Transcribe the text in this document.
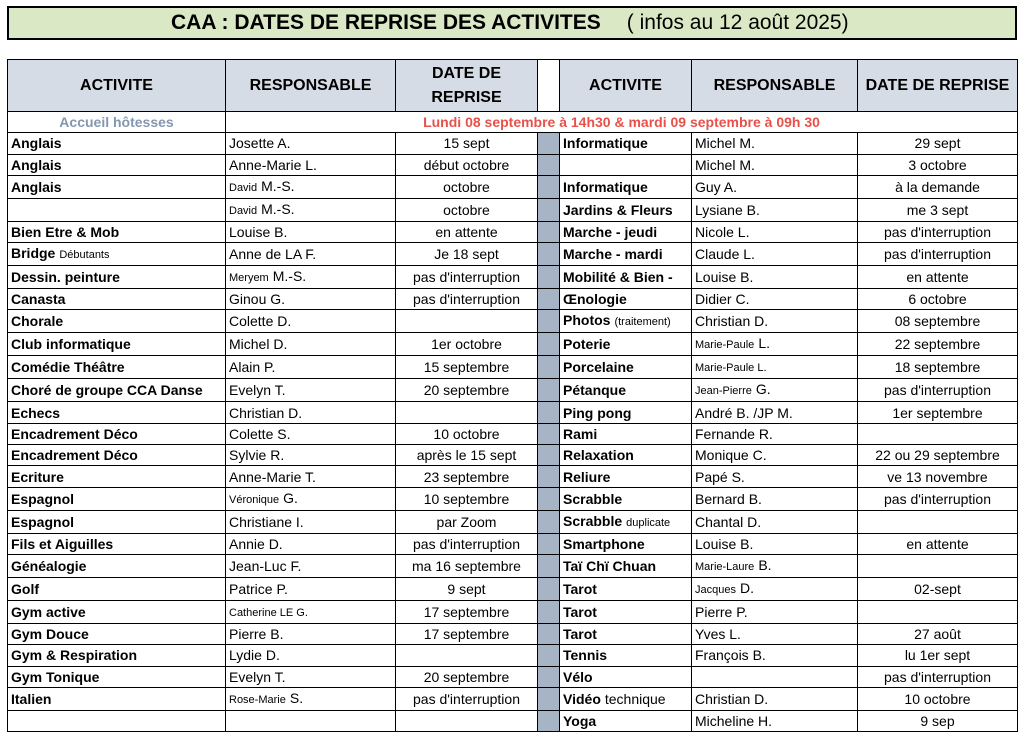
CAA : DATES DE REPRISE DES ACTIVITES ( infos au 12 août 2025)
ACTIVITE	RESPONSABLE	DATE DE REPRISE		ACTIVITE	RESPONSABLE	DATE DE REPRISE
Accueil hôtesses	Lundi 08 septembre à 14h30 & mardi 09 septembre à 09h 30					
Anglais	Josette A.	15 sept		Informatique	Michel M.	29 sept
Anglais	Anne-Marie L.	début octobre			Michel M.	3 octobre
Anglais	David M.-S.	octobre		Informatique	Guy A.	à la demande
	David M.-S.	octobre		Jardins & Fleurs	Lysiane B.	me 3 sept
Bien Etre & Mob	Louise B.	en attente		Marche - jeudi	Nicole L.	pas d'interruption
Bridge Débutants	Anne de LA F.	Je 18 sept		Marche - mardi	Claude L.	pas d'interruption
Dessin. peinture	Meryem M.-S.	pas d'interruption		Mobilité & Bien -	Louise B.	en attente
Canasta	Ginou G.	pas d'interruption		Œnologie	Didier C.	6 octobre
Chorale	Colette D.			Photos (traitement)	Christian D.	08 septembre
Club informatique	Michel D.	1er octobre		Poterie	Marie-Paule L.	22 septembre
Comédie Théâtre	Alain P.	15 septembre		Porcelaine	Marie-Paule L.	18 septembre
Choré de groupe CCA Danse	Evelyn T.	20 septembre		Pétanque	Jean-Pierre G.	pas d'interruption
Echecs	Christian D.			Ping pong	André B. /JP M.	1er septembre
Encadrement Déco	Colette S.	10 octobre		Rami	Fernande R.	
Encadrement Déco	Sylvie R.	après le 15 sept		Relaxation	Monique C.	22 ou 29 septembre
Ecriture	Anne-Marie T.	23 septembre		Reliure	Papé S.	ve 13 novembre
Espagnol	Véronique G.	10 septembre		Scrabble	Bernard B.	pas d'interruption
Espagnol	Christiane I.	par Zoom		Scrabble duplicate	Chantal D.	
Fils et Aiguilles	Annie D.	pas d'interruption		Smartphone	Louise B.	en attente
Généalogie	Jean-Luc F.	ma 16 septembre		Taï Chï Chuan	Marie-Laure B.	
Golf	Patrice P.	9 sept		Tarot	Jacques D.	02-sept
Gym active	Catherine LE G.	17 septembre		Tarot	Pierre P.	
Gym Douce	Pierre B.	17 septembre		Tarot	Yves L.	27 août
Gym & Respiration	Lydie D.			Tennis	François B.	lu 1er sept
Gym Tonique	Evelyn T.	20 septembre		Vélo		pas d'interruption
Italien	Rose-Marie S.	pas d'interruption		Vidéo technique	Christian D.	10 octobre
				Yoga	Micheline H.	9 sep
